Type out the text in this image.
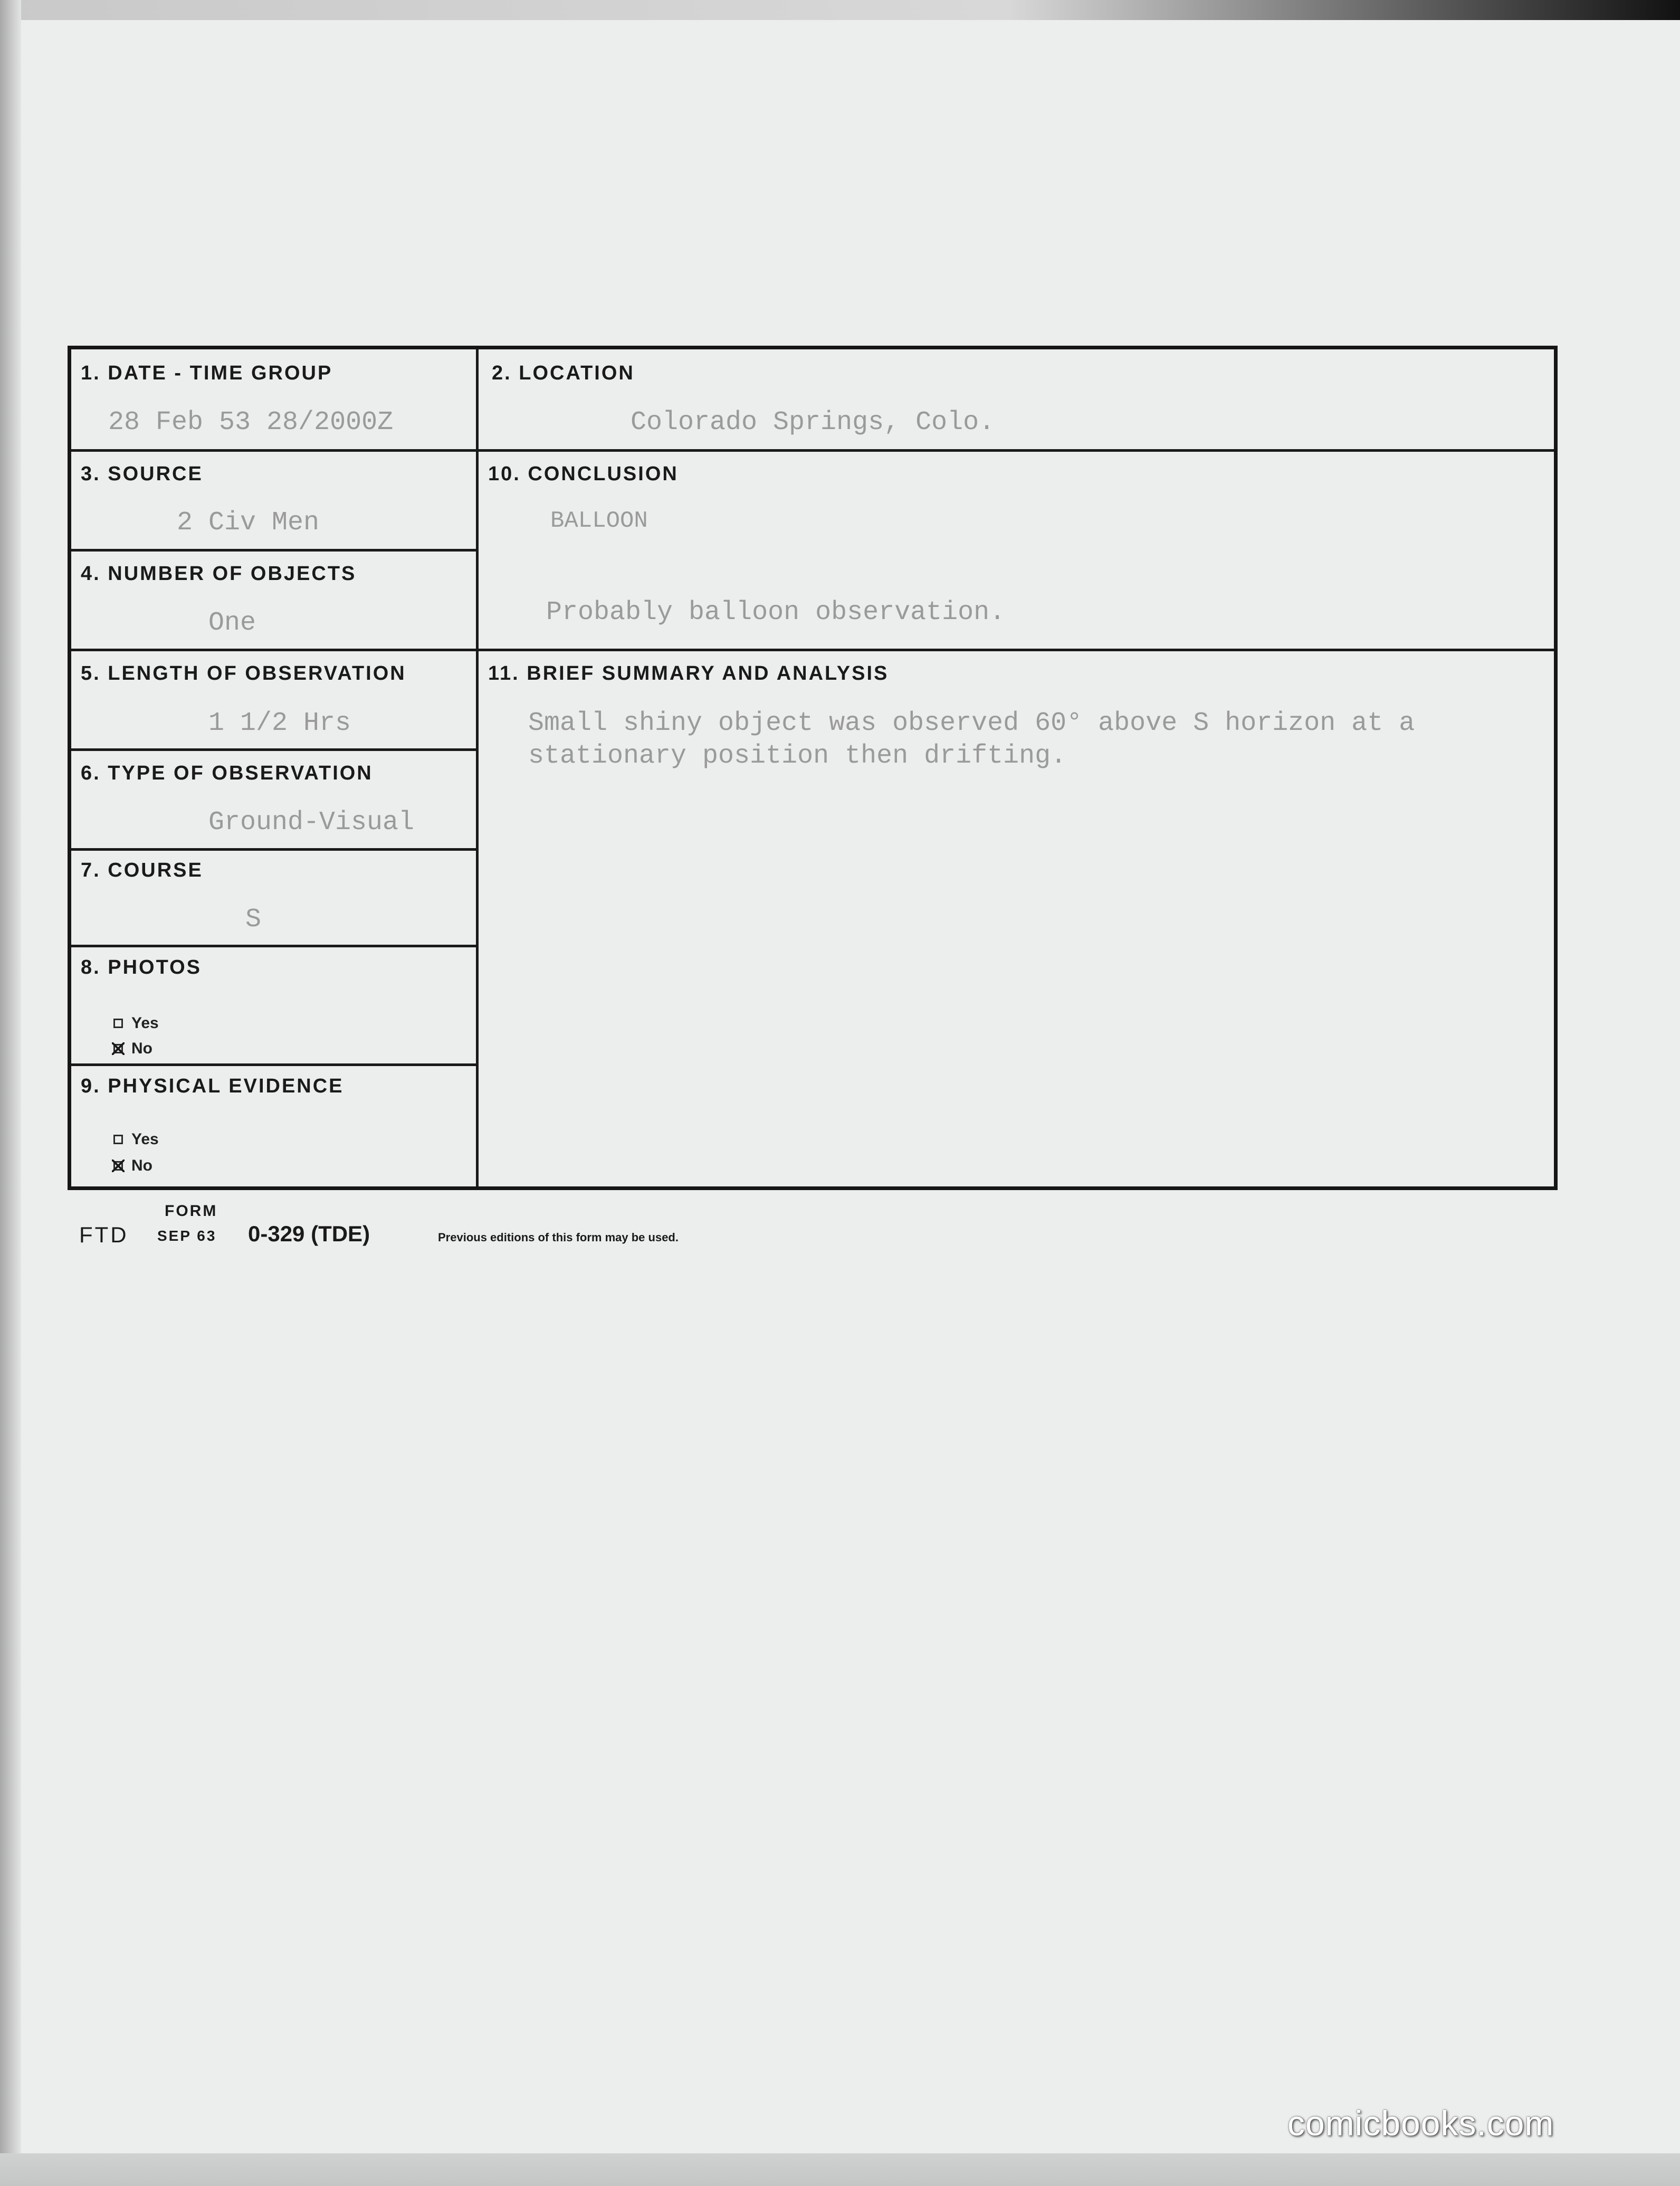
1. DATE - TIME GROUP
28 Feb 53 28/2000Z
2. LOCATION
Colorado Springs, Colo.
3. SOURCE
2 Civ Men
10. CONCLUSION
BALLOON
Probably balloon observation.
4. NUMBER OF OBJECTS
One
5. LENGTH OF OBSERVATION
1 1/2 Hrs
11. BRIEF SUMMARY AND ANALYSIS
Small shiny object was observed 60° above S horizon at a
stationary position then drifting.
6. TYPE OF OBSERVATION
Ground-Visual
7. COURSE
S
8. PHOTOS
Yes
No
9. PHYSICAL EVIDENCE
Yes
No
FORM
FTD SEP 63 0-329 (TDE)	Previous editions of this form may be used.
comicbooks.com
